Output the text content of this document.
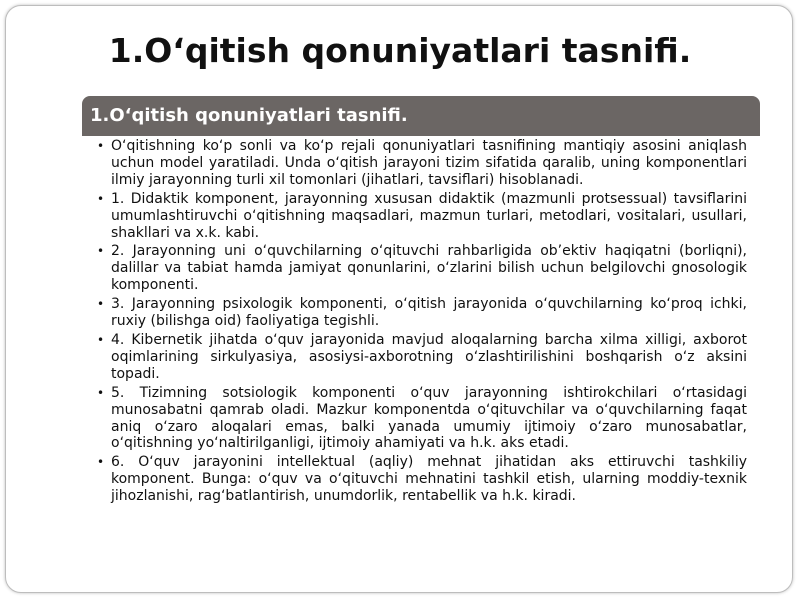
1.O‘qitish qonuniyatlari tasnifi.
1.O‘qitish qonuniyatlari tasnifi.
• O‘qitishning ko‘p sonli va ko‘p rejali qonuniyatlari tasnifining mantiqiy asosini aniqlash uchun model yaratiladi. Unda o‘qitish jarayoni tizim sifatida qaralib, uning komponentlari ilmiy jarayonning turli xil tomonlari (jihatlari, tavsiflari) hisoblanadi.
• 1. Didaktik komponent, jarayonning xususan didaktik (mazmunli protsessual) tavsiflarini umumlashtiruvchi o‘qitishning maqsadlari, mazmun turlari, metodlari, vositalari, usullari, shakllari va x.k. kabi.
• 2. Jarayonning uni o‘quvchilarning o‘qituvchi rahbarligida ob’ektiv haqiqatni (borliqni), dalillar va tabiat hamda jamiyat qonunlarini, o‘zlarini bilish uchun belgilovchi gnosologik komponenti.
• 3. Jarayonning psixologik komponenti, o‘qitish jarayonida o‘quvchilarning ko‘proq ichki, ruxiy (bilishga oid) faoliyatiga tegishli.
• 4. Kibernetik jihatda o‘quv jarayonida mavjud aloqalarning barcha xilma xilligi, axborot oqimlarining sirkulyasiya, asosiysi-axborotning o‘zlashtirilishini boshqarish o‘z aksini topadi.
• 5. Tizimning sotsiologik komponenti o‘quv jarayonning ishtirokchilari o‘rtasidagi munosabatni qamrab oladi. Mazkur komponentda o‘qituvchilar va o‘quvchilarning faqat aniq o‘zaro aloqalari emas, balki yanada umumiy ijtimoiy o‘zaro munosabatlar, o‘qitishning yo‘naltirilganligi, ijtimoiy ahamiyati va h.k. aks etadi.
• 6. O‘quv jarayonini intellektual (aqliy) mehnat jihatidan aks ettiruvchi tashkiliy komponent. Bunga: o‘quv va o‘qituvchi mehnatini tashkil etish, ularning moddiy-texnik jihozlanishi, rag‘batlantirish, unumdorlik, rentabellik va h.k. kiradi.
